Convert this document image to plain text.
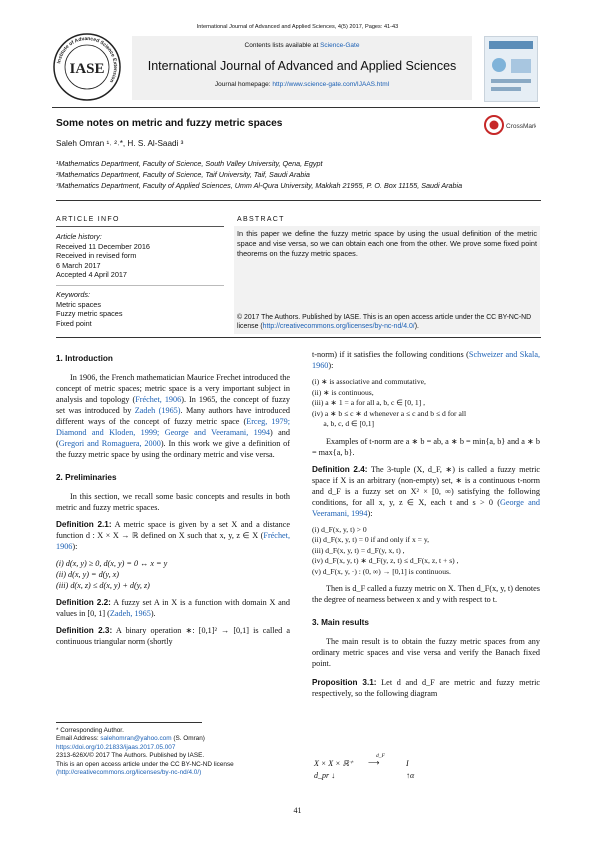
International Journal of Advanced and Applied Sciences, 4(5) 2017, Pages: 41-43
Institute of Advanced Science Extension
IASE
Contents lists available at Science-Gate
International Journal of Advanced and Applied Sciences
Journal homepage: http://www.science-gate.com/IJAAS.html
Some notes on metric and fuzzy metric spaces	CrossMark
Saleh Omran ¹˒ ²˒*, H. S. Al-Saadi ³
¹Mathematics Department, Faculty of Science, South Valley University, Qena, Egypt
²Mathematics Department, Faculty of Science, Taif University, Taif, Saudi Arabia
³Mathematics Department, Faculty of Applied Sciences, Umm Al-Qura University, Makkah 21955, P. O. Box 11155, Saudi Arabia
ARTICLE INFO
Article history:
Received 11 December 2016
Received in revised form
6 March 2017
Accepted 4 April 2017
Keywords:
Metric spaces
Fuzzy metric spaces
Fixed point
ABSTRACT
In this paper we define the fuzzy metric space by using the usual definition of the metric space and vise versa, so we can obtain each one from the other. We prove some fixed point theorems on the fuzzy metric spaces.
© 2017 The Authors. Published by IASE. This is an open access article under the CC BY-NC-ND license (http://creativecommons.org/licenses/by-nc-nd/4.0/).
1. Introduction

In 1906, the French mathematician Maurice Frechet introduced the concept of metric spaces; metric space is a very important subject in analysis and topology (Fréchet, 1906). In 1965, the concept of fuzzy set was introduced by Zadeh (1965). Many authors have introduced different ways of the concept of fuzzy metric space (Erceg, 1979; Diamond and Kloden, 1999; George and Veeramani, 1994) and (Gregori and Romaguera, 2000). In this work we give a definition of the fuzzy metric space by using the ordinary metric and vise versa.

2. Preliminaries

In this section, we recall some basic concepts and results in both metric and fuzzy metric spaces.

Definition 2.1: A metric space is given by a set X and a distance function d : X × X → ℝ defined on X such that x, y, z ∈ X (Fréchet, 1906):

(i) d(x, y) ≥ 0, d(x, y) = 0 ↔ x = y
(ii) d(x, y) = d(y, x)
(iii) d(x, z) ≤ d(x, y) + d(y, z)

Definition 2.2: A fuzzy set A in X is a function with domain X and values in [0, 1] (Zadeh, 1965).

Definition 2.3: A binary operation ∗: [0,1]² → [0,1] is called a continuous triangular norm (shortly

* Corresponding Author.
Email Address: salehomran@yahoo.com (S. Omran)
https://doi.org/10.21833/ijaas.2017.05.007
2313-626X/© 2017 The Authors. Published by IASE.
This is an open access article under the CC BY-NC-ND license
(http://creativecommons.org/licenses/by-nc-nd/4.0/)

t-norm) if it satisfies the following conditions (Schweizer and Skala, 1960):

(i) ∗ is associative and commutative,
(ii) ∗ is continuous,
(iii) a ∗ 1 = a for all a, b, c ∈ [0, 1] ,
(iv) a ∗ b ≤ c ∗ d whenever a ≤ c and b ≤ d for all
a, b, c, d ∈ [0,1]

Examples of t-norm are a ∗ b = ab, a ∗ b = min{a, b} and a ∗ b = max{a, b}.

Definition 2.4: The 3-tuple (X, d_F, ∗) is called a fuzzy metric space if X is an arbitrary (non-empty) set, ∗ is a continuous t-norm and d_F is a fuzzy set on X² × [0, ∞) satisfying the following conditions, for all x, y, z ∈ X, each t and s > 0 (George and Veeramani, 1994):

(i) d_F(x, y, t) > 0
(ii) d_F(x, y, t) = 0 if and only if x = y,
(iii) d_F(x, y, t) = d_F(y, x, t) ,
(iv) d_F(x, y, t) ∗ d_F(y, z, t) ≤ d_F(x, z, t + s) ,
(v) d_F(x, y, ·) : (0, ∞) → [0,1] is continuous.

Then is d_F called a fuzzy metric on X. Then d_F(x, y, t) denotes the degree of nearness between x and y with respect to t.

3. Main results

The main result is to obtain the fuzzy metric spaces from any ordinary metric spaces and vise versa and verify the Banach fixed point.

Proposition 3.1: Let d and d_F are metric and fuzzy metric respectively, so the following diagram

X × X × ℝ⁺
d_F
⟶	I
d_pr ↓	↑α
41
